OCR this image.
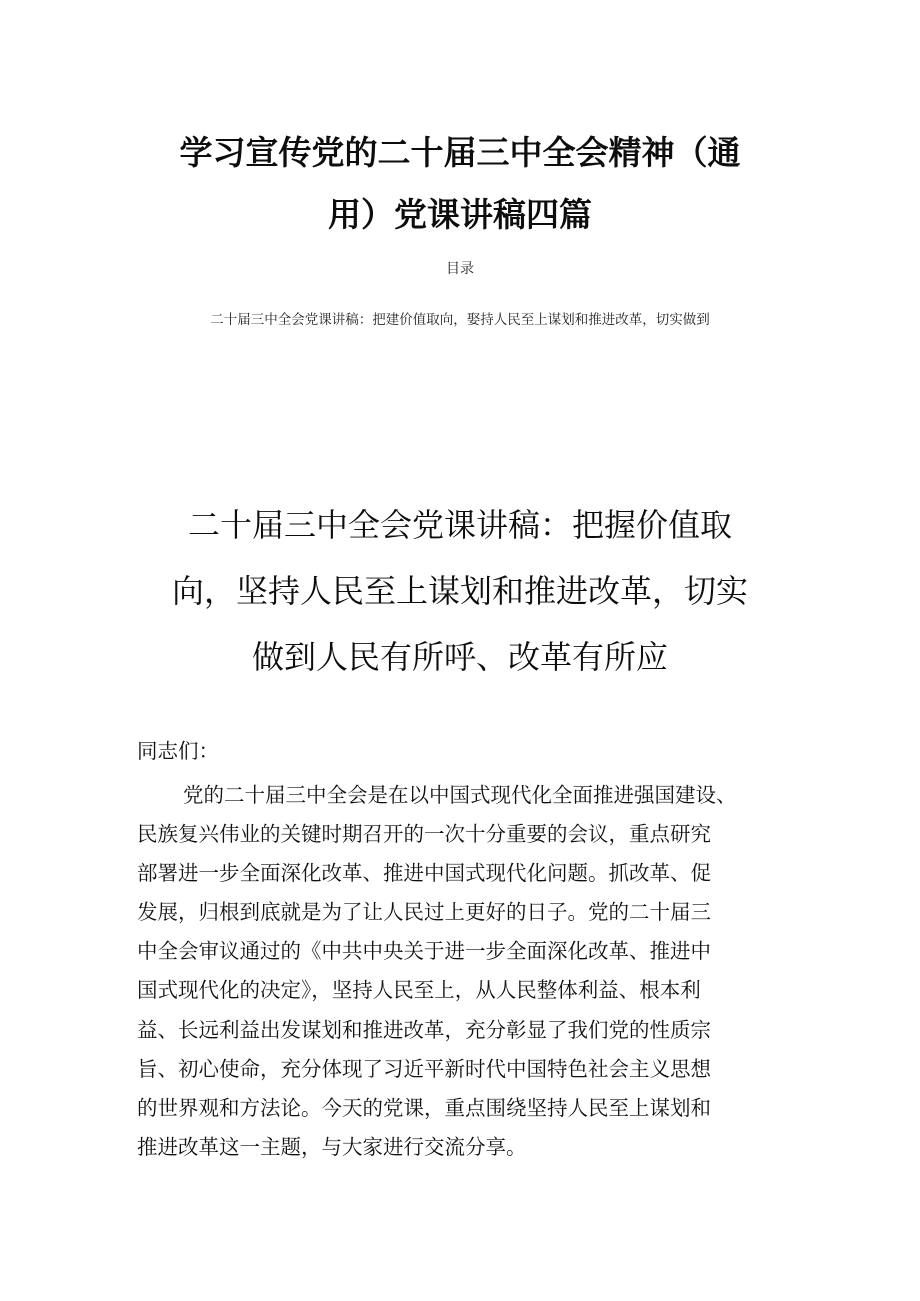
学习宣传党的二十届三中全会精神（通
用）党课讲稿四篇
目录
二十届三中全会党课讲稿：把建价值取向，娶持人民至上谋划和推进改革，切实做到
二十届三中全会党课讲稿：把握价值取
向，坚持人民至上谋划和推进改革，切实
做到人民有所呼、改革有所应
同志们：
党的二十届三中全会是在以中国式现代化全面推进强国建设、
民族复兴伟业的关键时期召开的一次十分重要的会议，重点研究
部署进一步全面深化改革、推进中国式现代化问题。抓改革、促
发展，归根到底就是为了让人民过上更好的日子。党的二十届三
中全会审议通过的《中共中央关于进一步全面深化改革、推进中
国式现代化的决定》，坚持人民至上，从人民整体利益、根本利
益、长远利益出发谋划和推进改革，充分彰显了我们党的性质宗
旨、初心使命，充分体现了习近平新时代中国特色社会主义思想
的世界观和方法论。今天的党课，重点围绕坚持人民至上谋划和
推进改革这一主题，与大家进行交流分享。
